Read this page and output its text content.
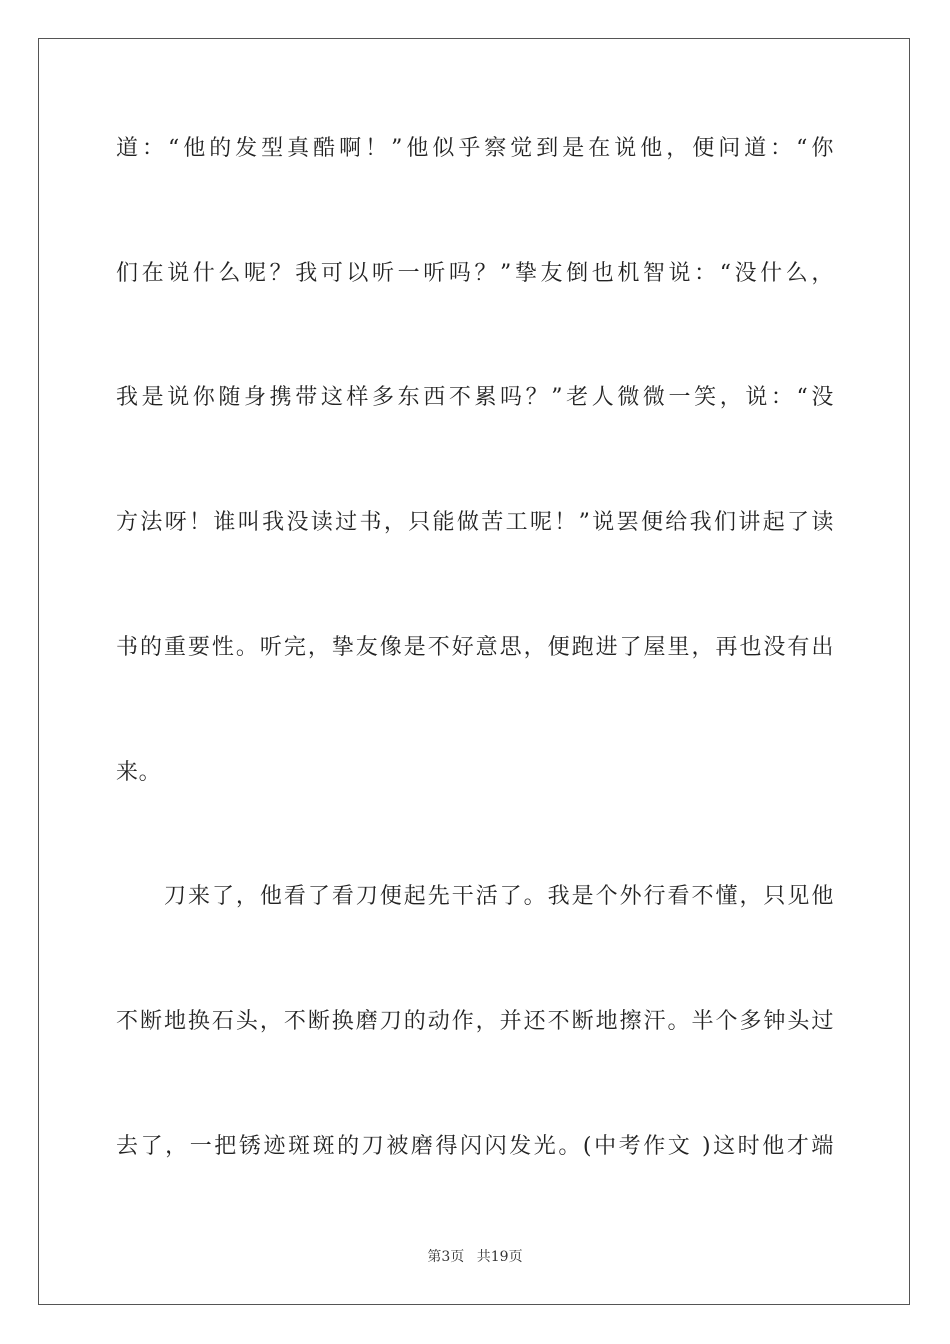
道：“他的发型真酷啊！”他似乎察觉到是在说他，便问道：“你
们在说什么呢？我可以听一听吗？”挚友倒也机智说：“没什么，
我是说你随身携带这样多东西不累吗？”老人微微一笑，说：“没
方法呀！谁叫我没读过书，只能做苦工呢！”说罢便给我们讲起了读
书的重要性。听完，挚友像是不好意思，便跑进了屋里，再也没有出
来。
刀来了，他看了看刀便起先干活了。我是个外行看不懂，只见他
不断地换石头，不断换磨刀的动作，并还不断地擦汗。半个多钟头过
去了，一把锈迹斑斑的刀被磨得闪闪发光。(中考作文 )这时他才端
第3页 共19页
